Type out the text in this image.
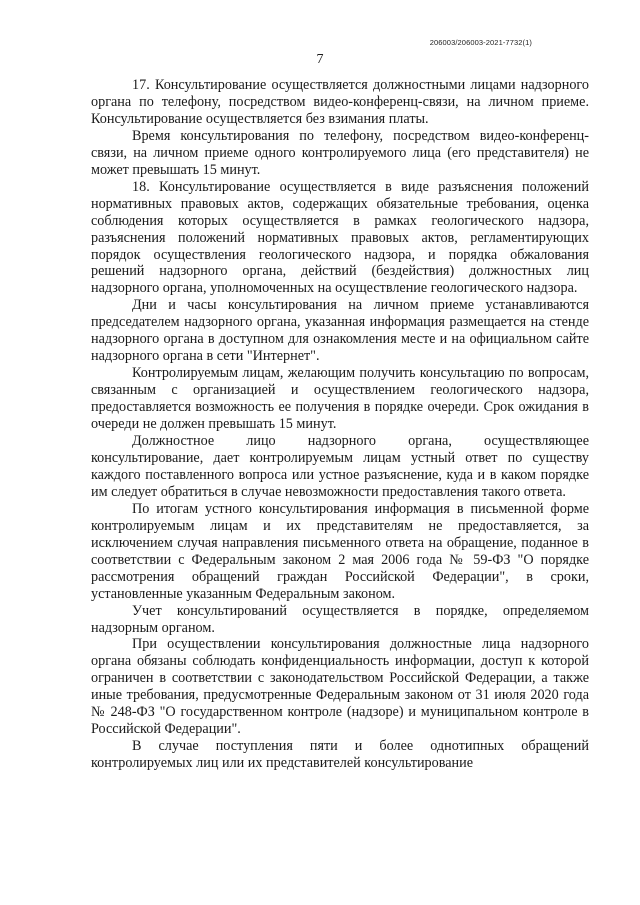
206003/206003-2021-7732(1)
7

17. Консультирование осуществляется должностными лицами надзорного органа по телефону, посредством видео-конференц-связи, на личном приеме. Консультирование осуществляется без взимания платы.

Время консультирования по телефону, посредством видео-конференц-связи, на личном приеме одного контролируемого лица (его представителя) не может превышать 15 минут.

18. Консультирование осуществляется в виде разъяснения положений нормативных правовых актов, содержащих обязательные требования, оценка соблюдения которых осуществляется в рамках геологического надзора, разъяснения положений нормативных правовых актов, регламентирующих порядок осуществления геологического надзора, и порядка обжалования решений надзорного органа, действий (бездействия) должностных лиц надзорного органа, уполномоченных на осуществление геологического надзора.

Дни и часы консультирования на личном приеме устанавливаются председателем надзорного органа, указанная информация размещается на стенде надзорного органа в доступном для ознакомления месте и на официальном сайте надзорного органа в сети "Интернет".

Контролируемым лицам, желающим получить консультацию по вопросам, связанным с организацией и осуществлением геологического надзора, предоставляется возможность ее получения в порядке очереди. Срок ожидания в очереди не должен превышать 15 минут.

Должностное лицо надзорного органа, осуществляющее консультирование, дает контролируемым лицам устный ответ по существу каждого поставленного вопроса или устное разъяснение, куда и в каком порядке им следует обратиться в случае невозможности предоставления такого ответа.

По итогам устного консультирования информация в письменной форме контролируемым лицам и их представителям не предоставляется, за исключением случая направления письменного ответа на обращение, поданное в соответствии с Федеральным законом 2 мая 2006 года № 59-ФЗ "О порядке рассмотрения обращений граждан Российской Федерации", в сроки, установленные указанным Федеральным законом.

Учет консультирований осуществляется в порядке, определяемом надзорным органом.

При осуществлении консультирования должностные лица надзорного органа обязаны соблюдать конфиденциальность информации, доступ к которой ограничен в соответствии с законодательством Российской Федерации, а также иные требования, предусмотренные Федеральным законом от 31 июля 2020 года № 248-ФЗ "О государственном контроле (надзоре) и муниципальном контроле в Российской Федерации".

В случае поступления пяти и более однотипных обращений контролируемых лиц или их представителей консультирование
